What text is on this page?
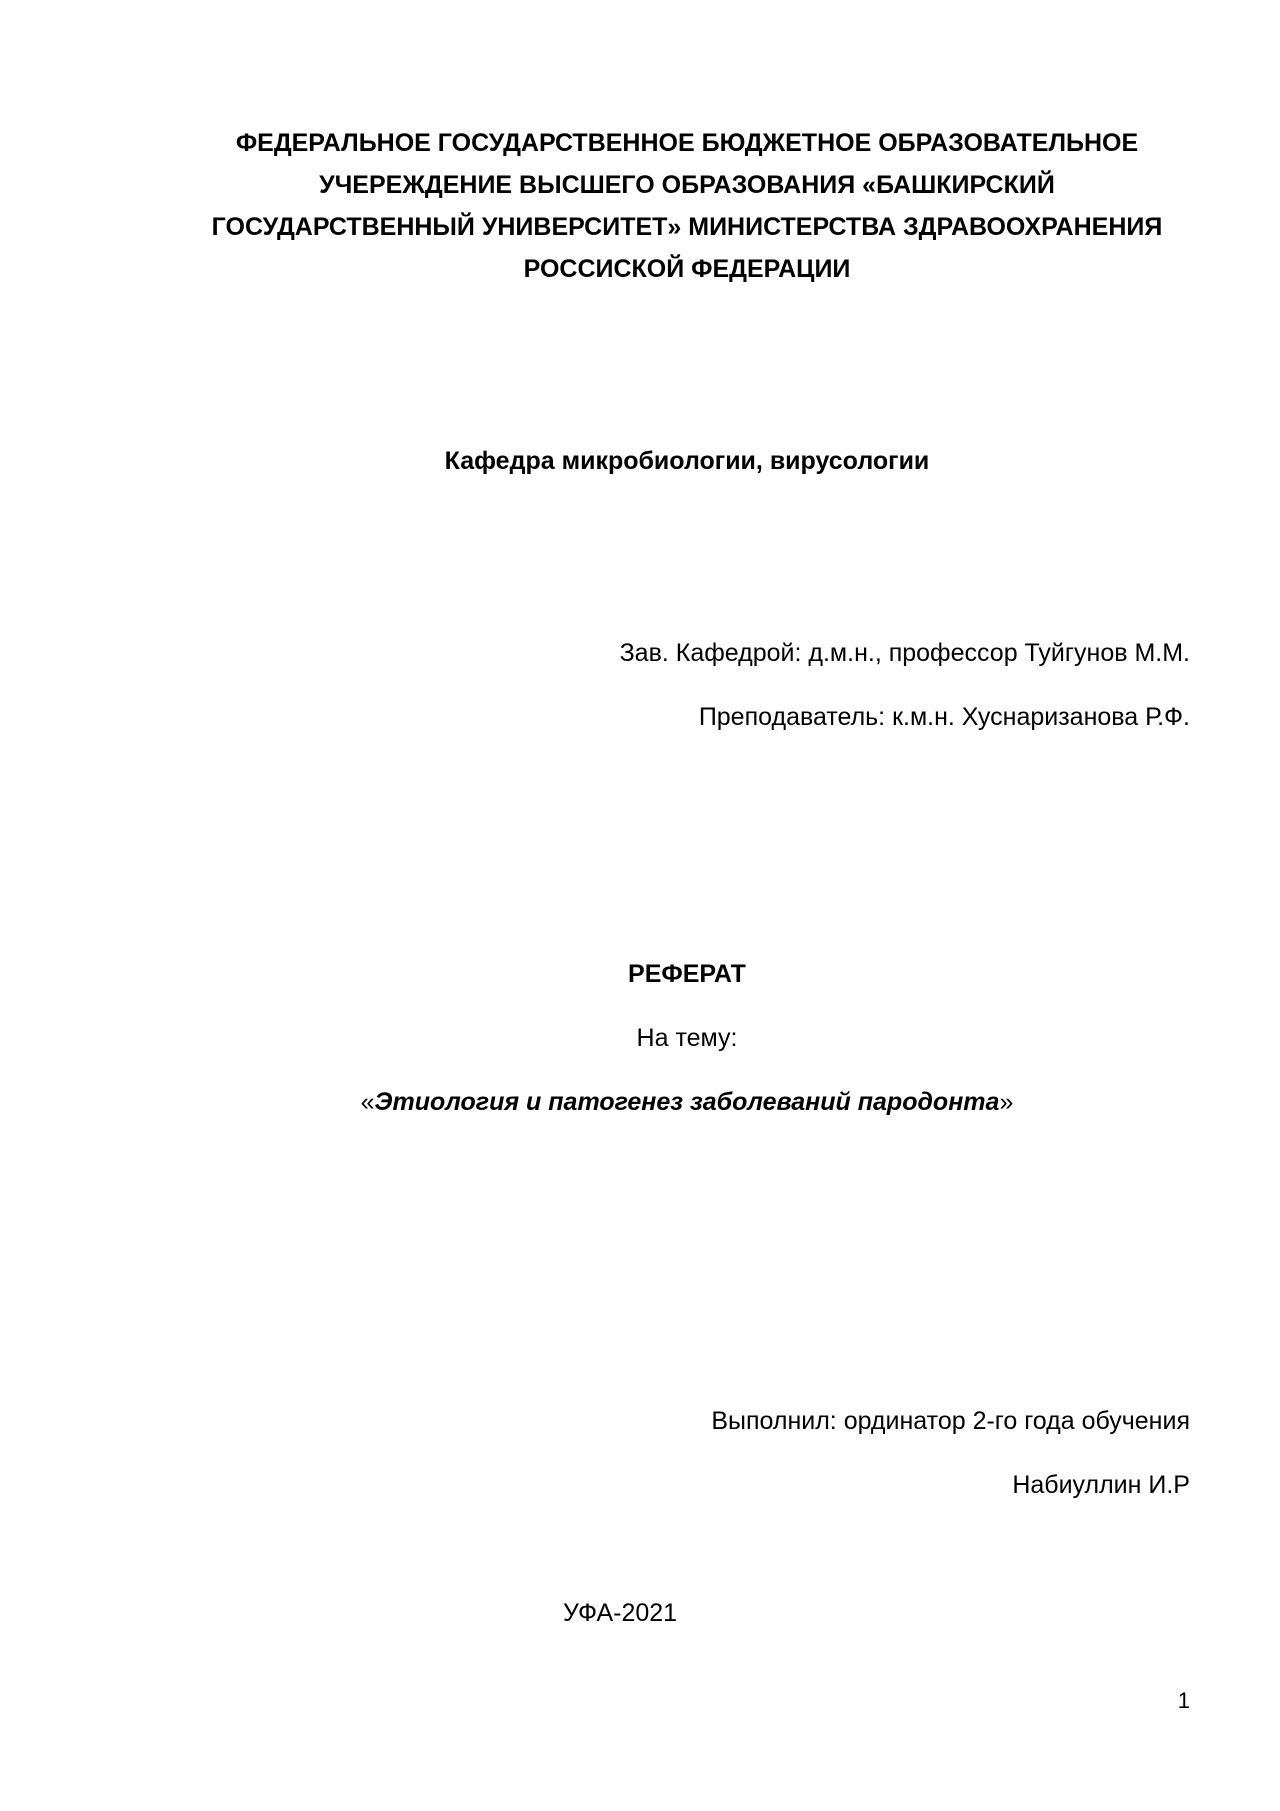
ФЕДЕРАЛЬНОЕ ГОСУДАРСТВЕННОЕ БЮДЖЕТНОЕ ОБРАЗОВАТЕЛЬНОЕ
УЧЕРЕЖДЕНИЕ ВЫСШЕГО ОБРАЗОВАНИЯ «БАШКИРСКИЙ
ГОСУДАРСТВЕННЫЙ УНИВЕРСИТЕТ» МИНИСТЕРСТВА ЗДРАВООХРАНЕНИЯ
РОССИСКОЙ ФЕДЕРАЦИИ
Кафедра микробиологии, вирусологии
Зав. Кафедрой: д.м.н., профессор Туйгунов М.М.
Преподаватель: к.м.н. Хуснаризанова Р.Ф.
РЕФЕРАТ
На тему:
«Этиология и патогенез заболеваний пародонта»
Выполнил: ординатор 2-го года обучения
Набиуллин И.Р
УФА-2021
1
